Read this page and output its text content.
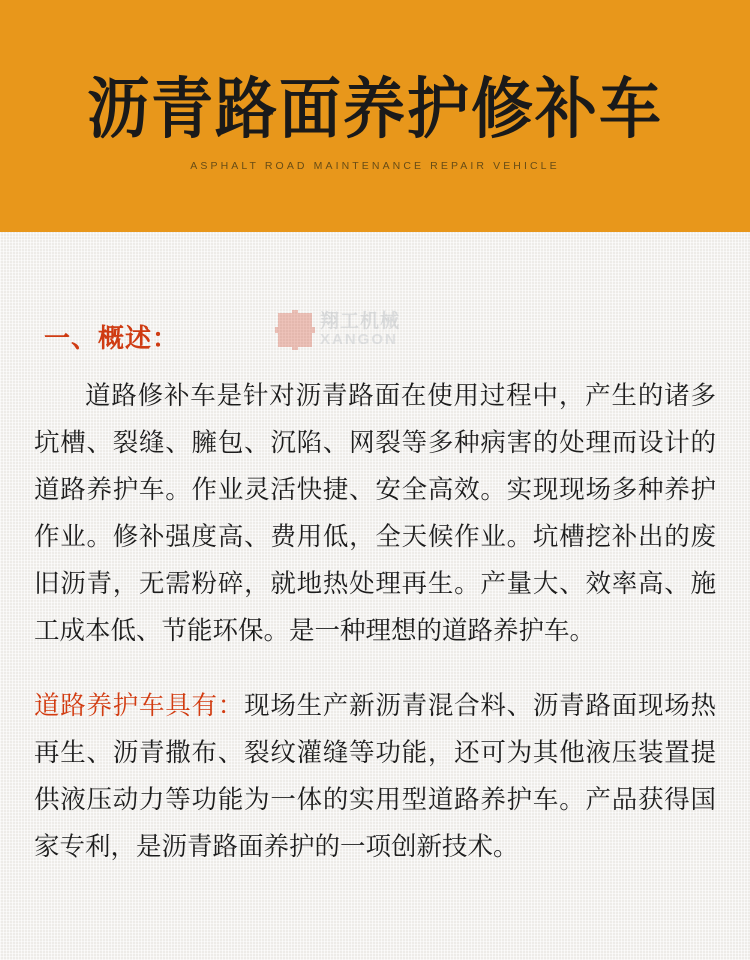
沥青路面养护修补车
ASPHALT ROAD MAINTENANCE REPAIR VEHICLE
翔工机械
XANGON
一、概述：

道路修补车是针对沥青路面在使用过程中，产生的诸多坑槽、裂缝、臃包、沉陷、网裂等多种病害的处理而设计的道路养护车。作业灵活快捷、安全高效。实现现场多种养护作业。修补强度高、费用低，全天候作业。坑槽挖补出的废旧沥青，无需粉碎，就地热处理再生。产量大、效率高、施工成本低、节能环保。是一种理想的道路养护车。

道路养护车具有：现场生产新沥青混合料、沥青路面现场热再生、沥青撒布、裂纹灌缝等功能，还可为其他液压装置提供液压动力等功能为一体的实用型道路养护车。产品获得国家专利，是沥青路面养护的一项创新技术。
